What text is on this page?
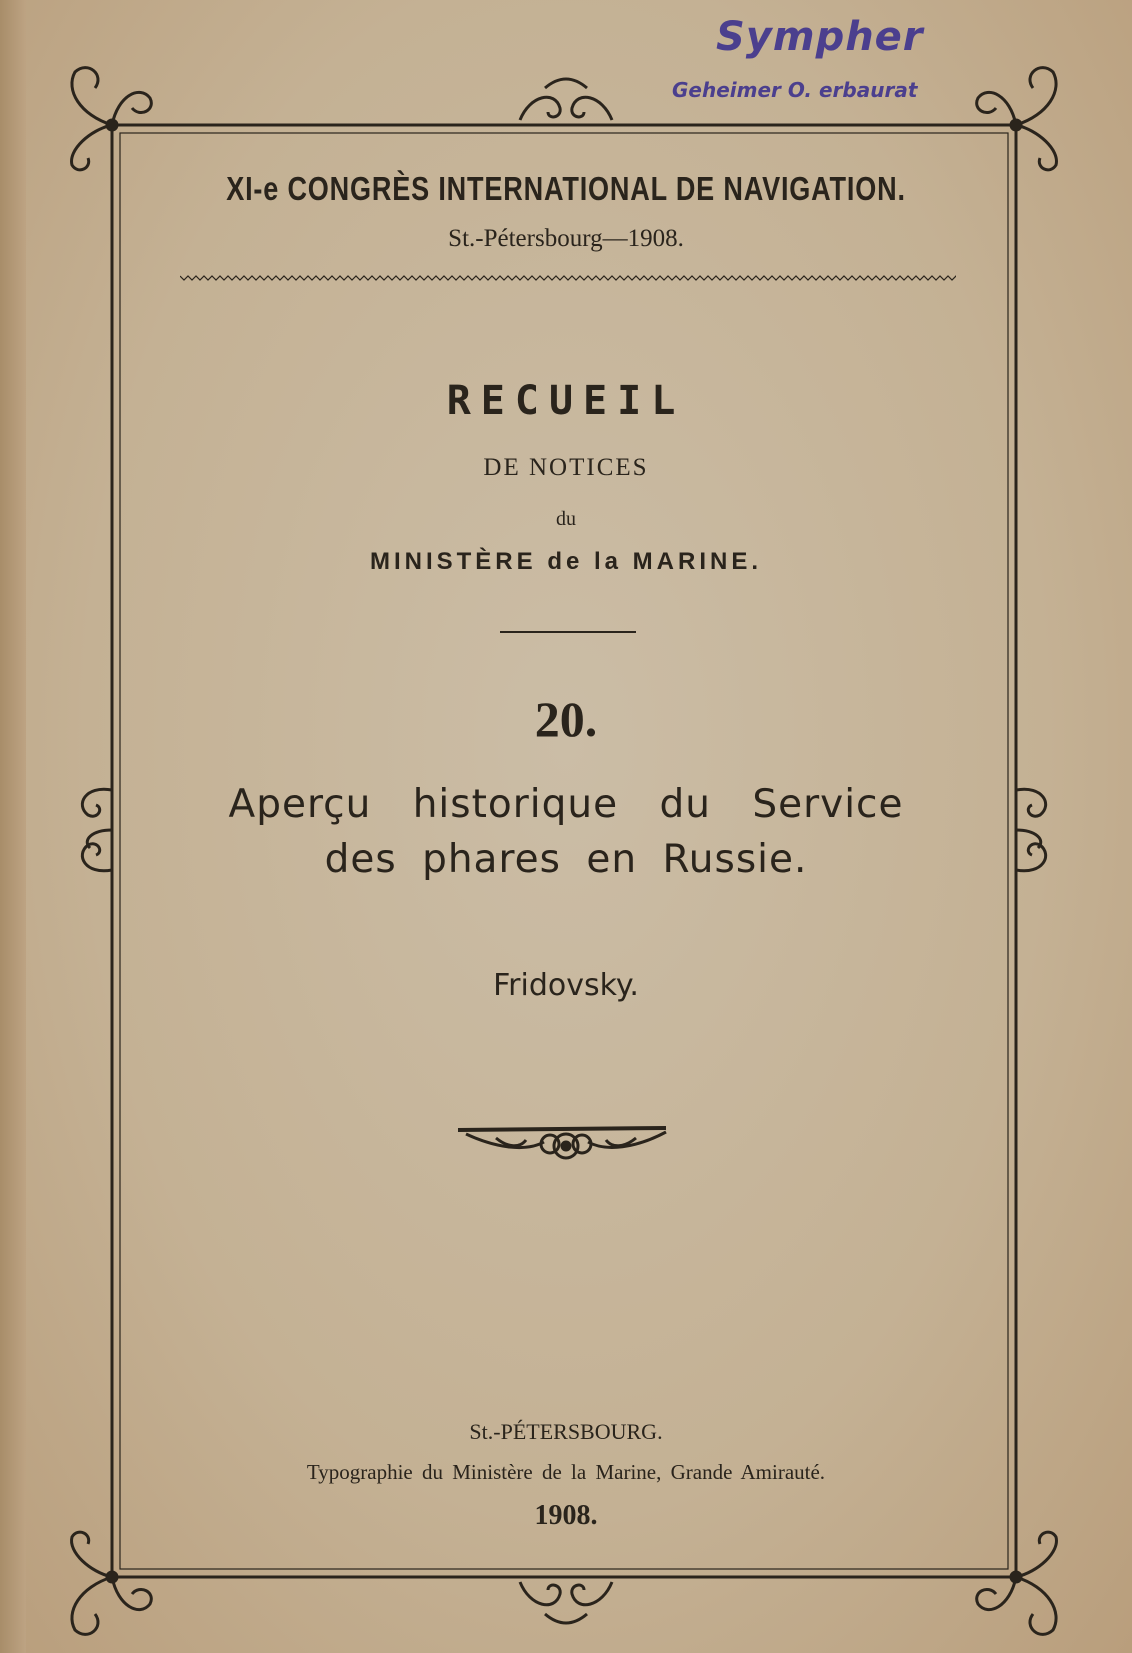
Sympher
Geheimer O. erbaurat
XI-e CONGRÈS INTERNATIONAL DE NAVIGATION.
St.-Pétersbourg—1908.
RECUEIL
DE NOTICES
du
MINISTÈRE de la MARINE.
20.
Aperçu historique du Service
des phares en Russie.
Fridovsky.
St.-PÉTERSBOURG.
Typographie du Ministère de la Marine, Grande Amirauté.
1908.
